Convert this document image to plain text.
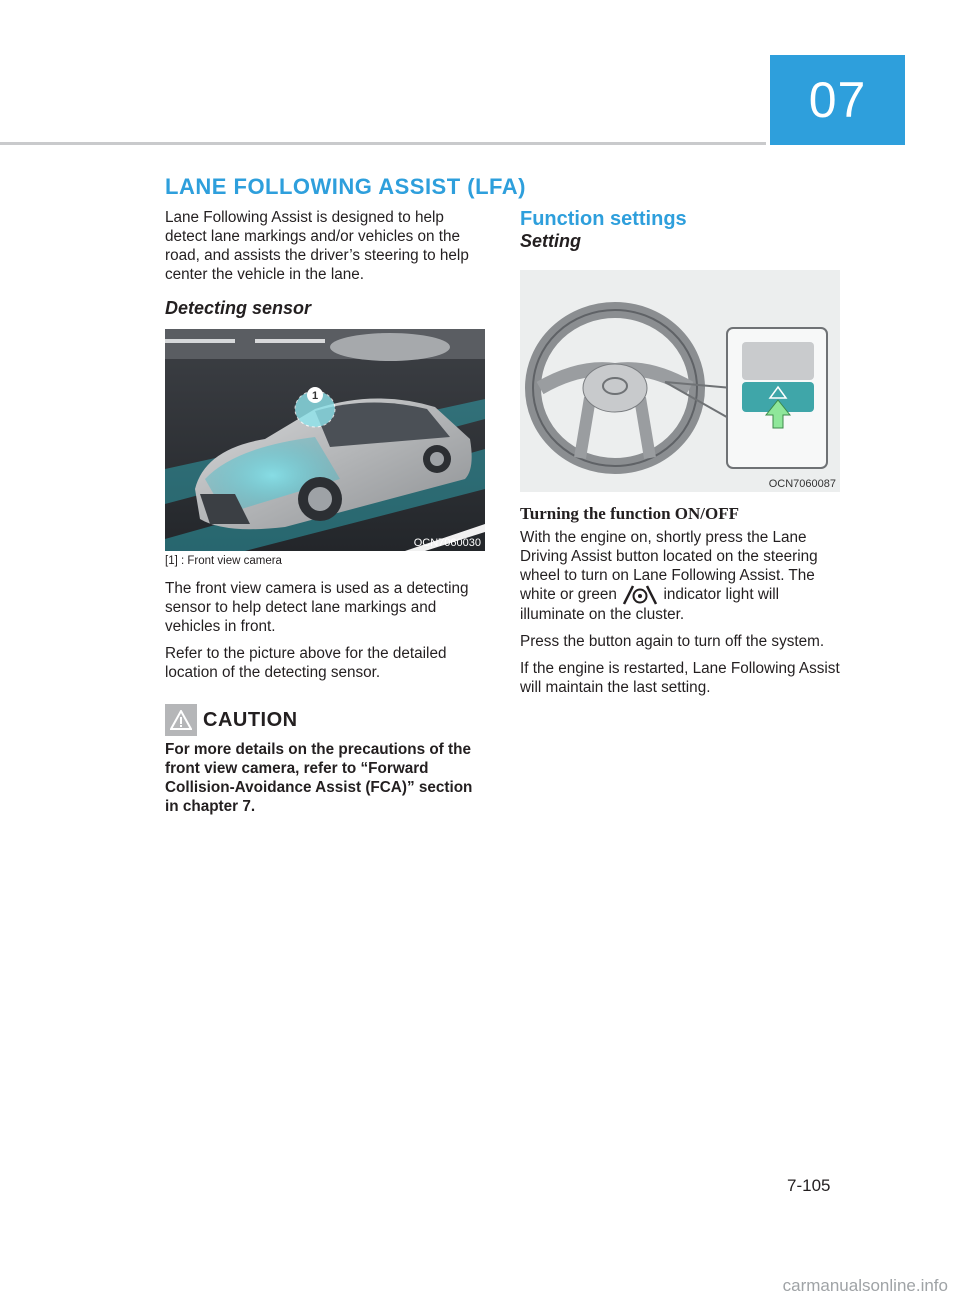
07
LANE FOLLOWING ASSIST (LFA)

Lane Following Assist is designed to help detect lane markings and/or vehicles on the road, and assists the driver’s steering to help center the vehicle in the lane.

Detecting sensor
1
OCN7060030
[1] : Front view camera

The front view camera is used as a detecting sensor to help detect lane markings and vehicles in front.

Refer to the picture above for the detailed location of the detecting sensor.

CAUTION

For more details on the precautions of the front view camera, refer to “Forward Collision-Avoidance Assist (FCA)” section in chapter 7.

Function settings
Setting
OCN7060087
Turning the function ON/OFF

With the engine on, shortly press the Lane Driving Assist button located on the steering wheel to turn on Lane Following Assist. The white or green	indicator light will illuminate on the cluster.

Press the button again to turn off the system.

If the engine is restarted, Lane Following Assist will maintain the last setting.

7-105
carmanualsonline.info
